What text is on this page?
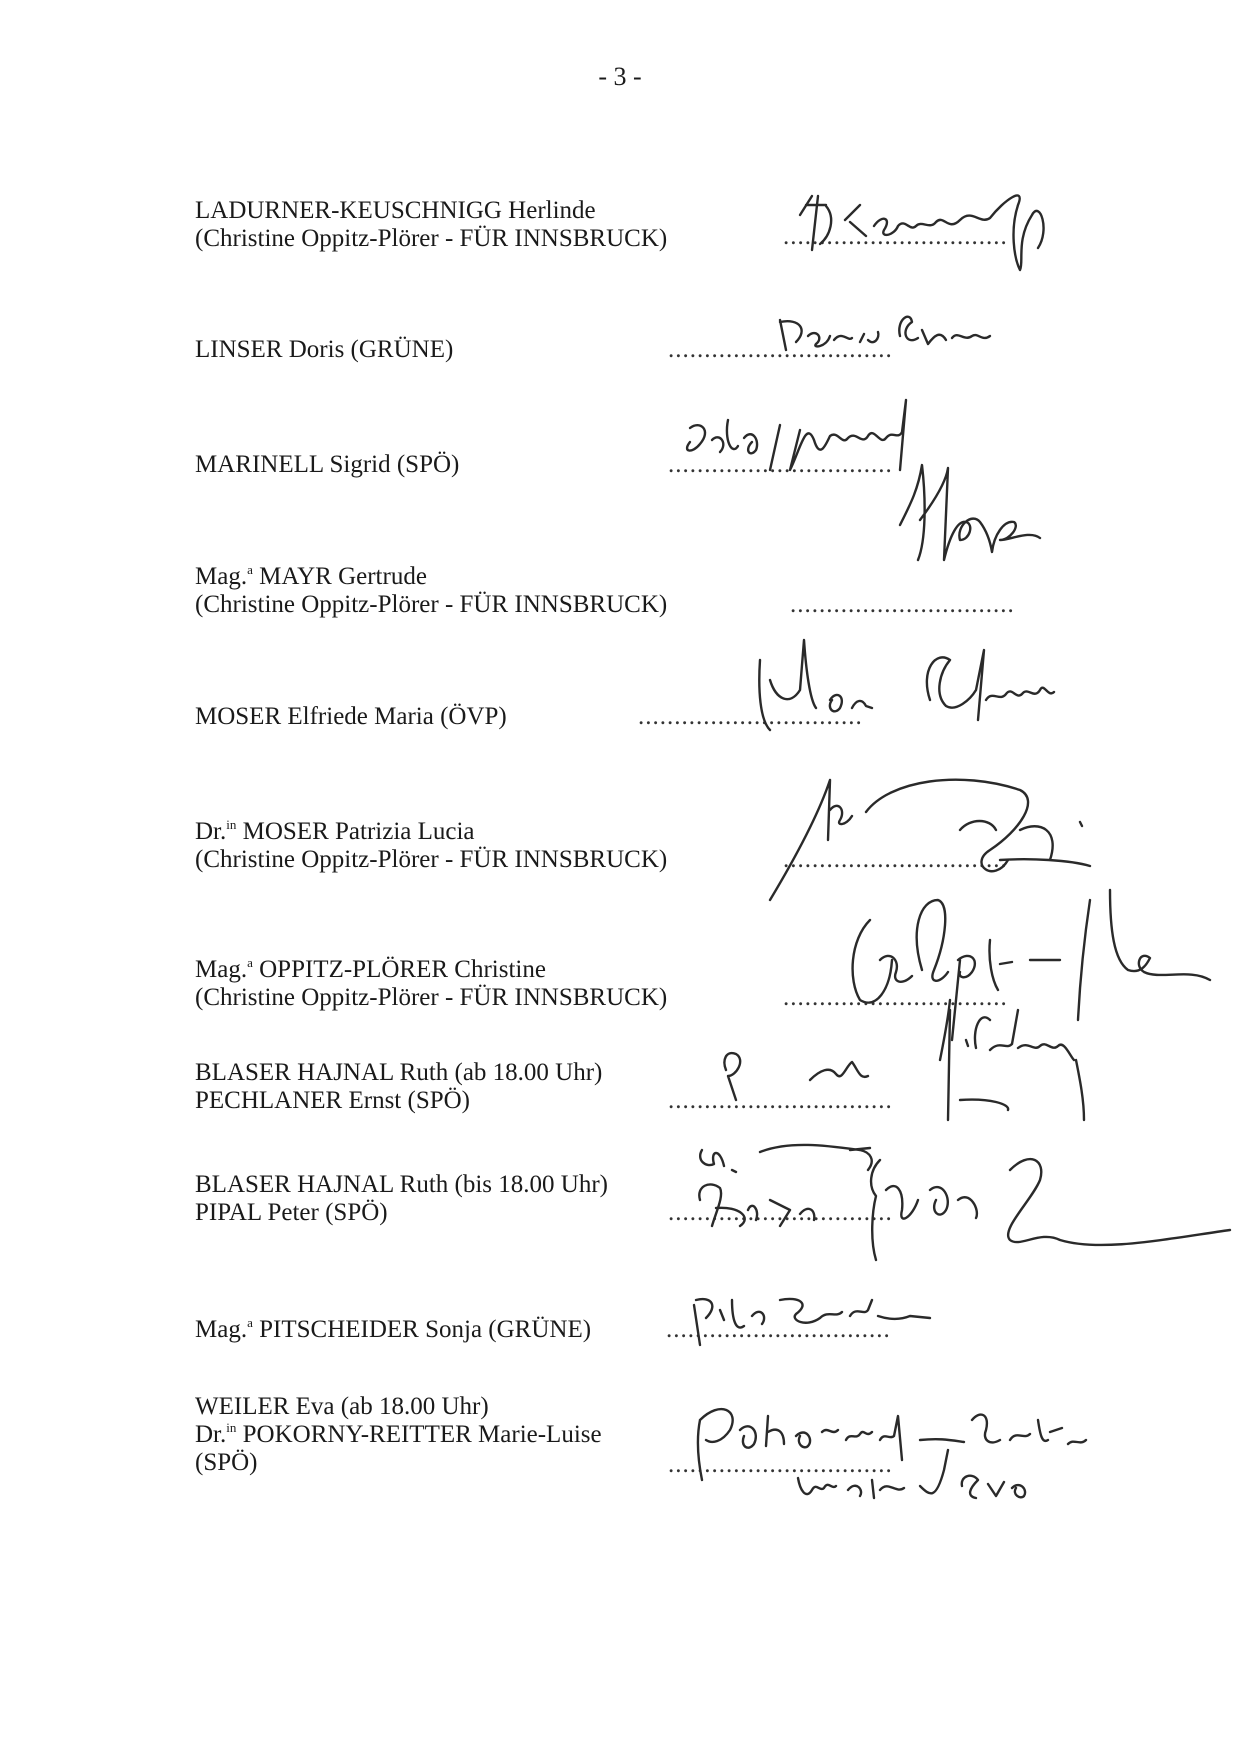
- 3 -
LADURNER-KEUSCHNIGG Herlinde
(Christine Oppitz-Plörer - FÜR INNSBRUCK)	...............................
LINSER Doris (GRÜNE)	...............................
MARINELL Sigrid (SPÖ)	...............................
Mag.$^a$ MAYR Gertrude
(Christine Oppitz-Plörer - FÜR INNSBRUCK)	...............................
MOSER Elfriede Maria (ÖVP)	...............................
Dr.$^{in}$ MOSER Patrizia Lucia
(Christine Oppitz-Plörer - FÜR INNSBRUCK)	...............................
Mag.$^a$ OPPITZ-PLÖRER Christine
(Christine Oppitz-Plörer - FÜR INNSBRUCK)	...............................
BLASER HAJNAL Ruth (ab 18.00 Uhr)
PECHLANER Ernst (SPÖ)	...............................
BLASER HAJNAL Ruth (bis 18.00 Uhr)
PIPAL Peter (SPÖ)	...............................
Mag.$^a$ PITSCHEIDER Sonja (GRÜNE)	...............................
WEILER Eva (ab 18.00 Uhr)
Dr.$^{in}$ POKORNY-REITTER Marie-Luise
(SPÖ)	...............................
